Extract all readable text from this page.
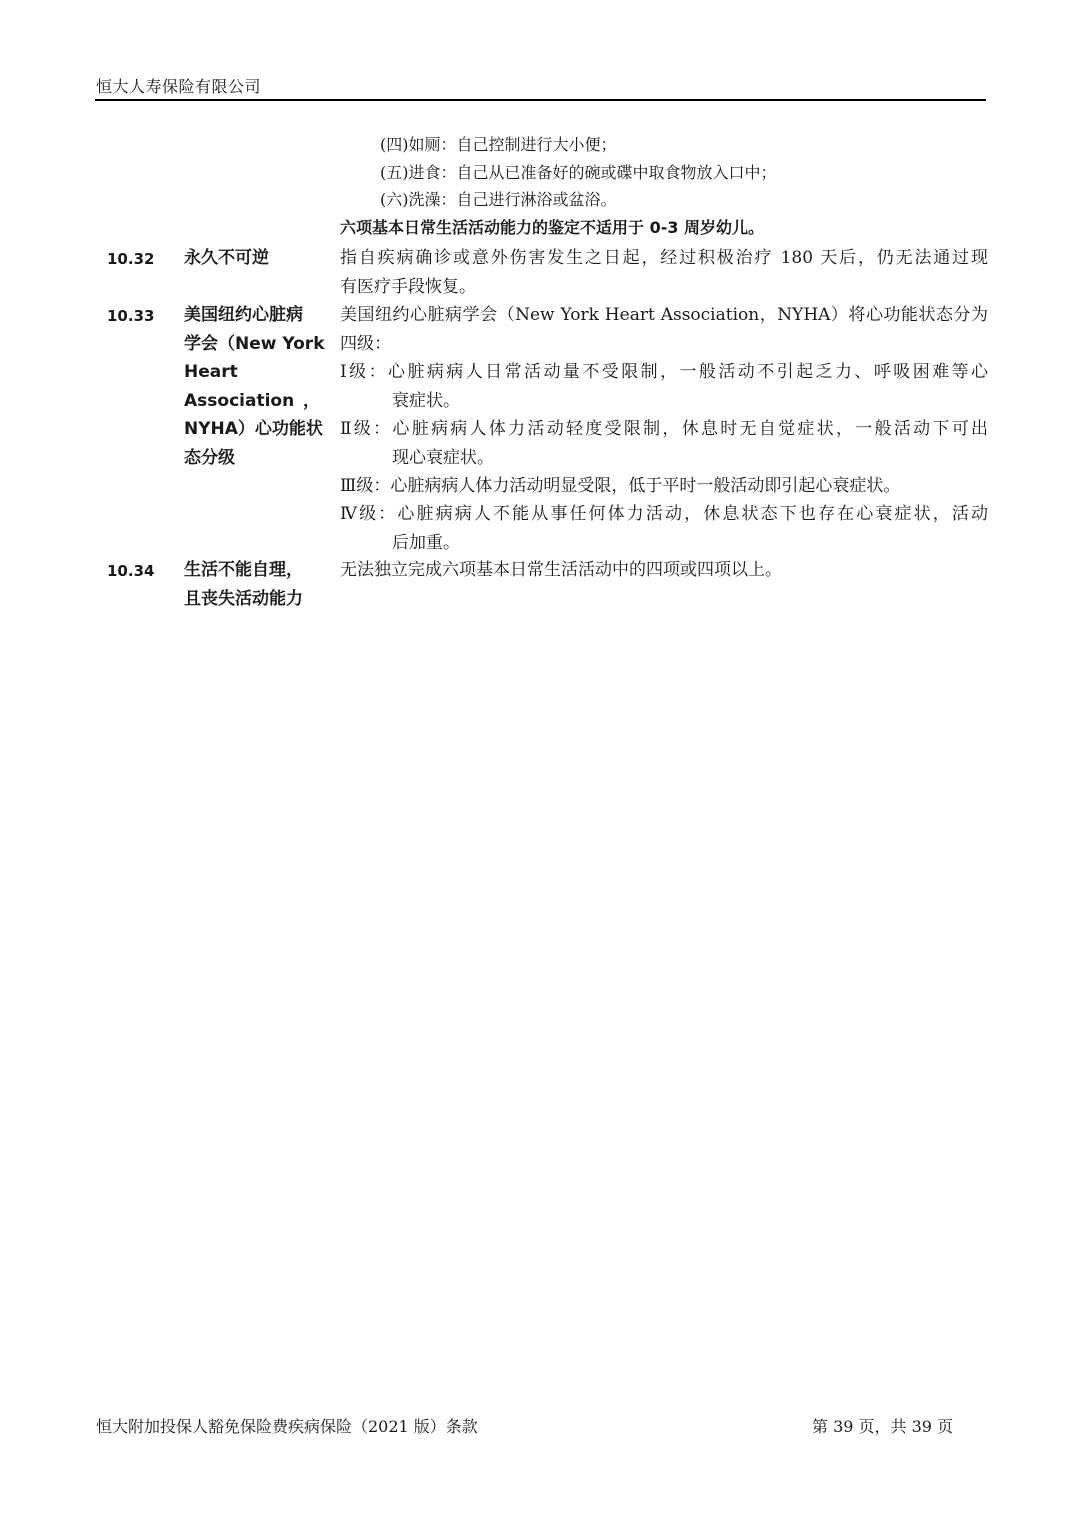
恒大人寿保险有限公司
(四)如厕：自己控制进行大小便；
(五)进食：自己从已准备好的碗或碟中取食物放入口中；
(六)洗澡：自己进行淋浴或盆浴。
六项基本日常生活活动能力的鉴定不适用于 0-3 周岁幼儿。
10.32 永久不可逆	指自疾病确诊或意外伤害发生之日起，经过积极治疗 180 天后，仍无法通过现
有医疗手段恢复。
10.33 美国纽约心脏病
学会（New York
Heart
Association ，
NYHA）心功能状
态分级
美国纽约心脏病学会（New York Heart Association，NYHA）将心功能状态分为
四级：
Ⅰ级：心脏病病人日常活动量不受限制，一般活动不引起乏力、呼吸困难等心
衰症状。
Ⅱ级：心脏病病人体力活动轻度受限制，休息时无自觉症状，一般活动下可出
现心衰症状。
Ⅲ级：心脏病病人体力活动明显受限，低于平时一般活动即引起心衰症状。
Ⅳ级：心脏病病人不能从事任何体力活动，休息状态下也存在心衰症状，活动
后加重。
10.34 生活不能自理，
且丧失活动能力
无法独立完成六项基本日常生活活动中的四项或四项以上。
恒大附加投保人豁免保险费疾病保险（2021 版）条款	第 39 页，共 39 页
